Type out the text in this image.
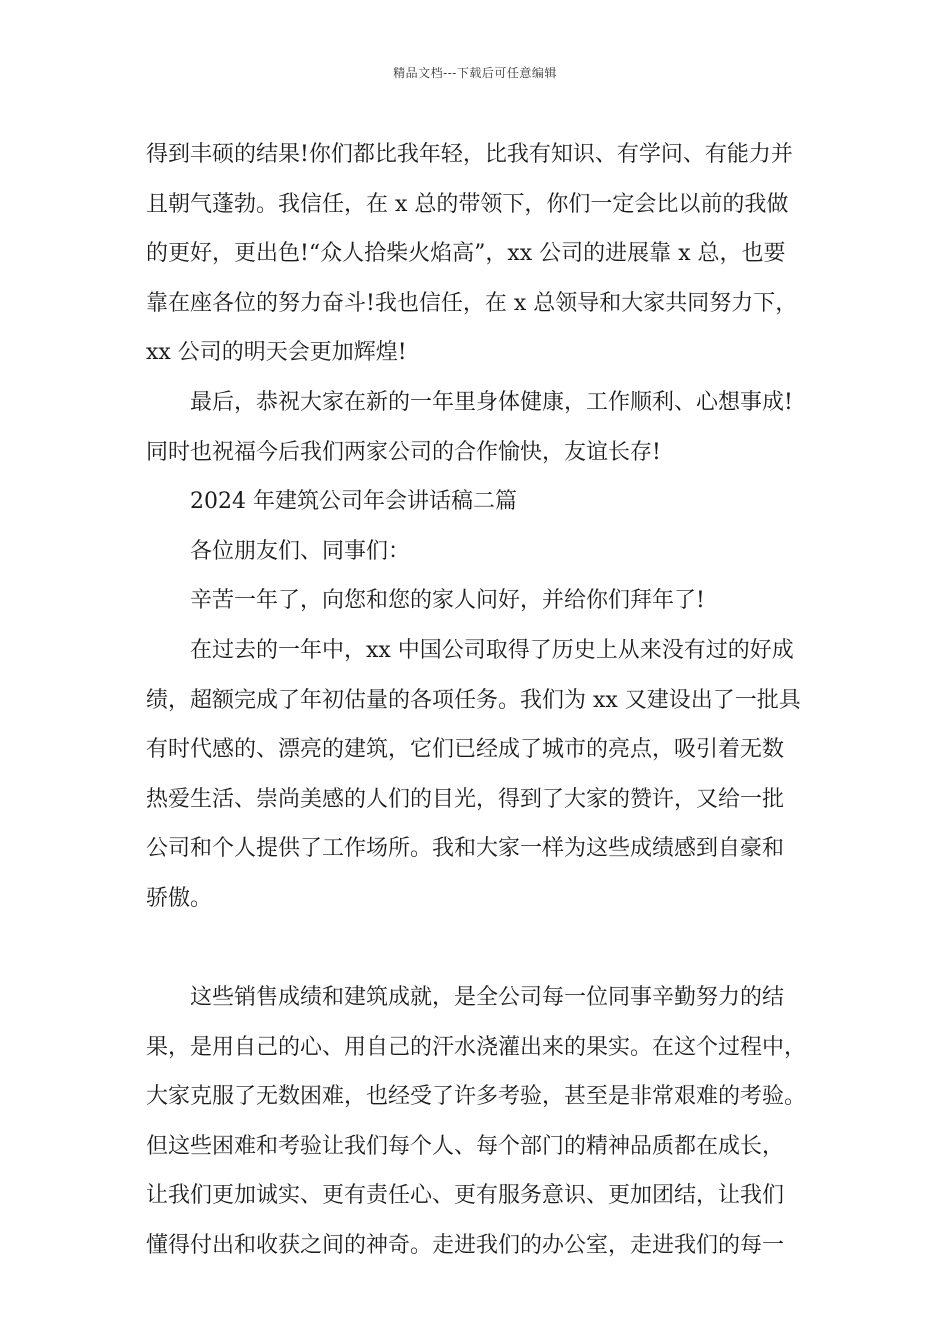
精品文档---下载后可任意编辑
得到丰硕的结果!你们都比我年轻，比我有知识、有学问、有能力并
且朝气蓬勃。我信任，在 x 总的带领下，你们一定会比以前的我做
的更好，更出色!“众人拾柴火焰高”，xx 公司的进展靠 x 总，也要
靠在座各位的努力奋斗!我也信任，在 x 总领导和大家共同努力下，
xx 公司的明天会更加辉煌!
最后，恭祝大家在新的一年里身体健康，工作顺利、心想事成!
同时也祝福今后我们两家公司的合作愉快，友谊长存!
2024 年建筑公司年会讲话稿二篇
各位朋友们、同事们：
辛苦一年了，向您和您的家人问好，并给你们拜年了!
在过去的一年中，xx 中国公司取得了历史上从来没有过的好成
绩，超额完成了年初估量的各项任务。我们为 xx 又建设出了一批具
有时代感的、漂亮的建筑，它们已经成了城市的亮点，吸引着无数
热爱生活、崇尚美感的人们的目光，得到了大家的赞许，又给一批
公司和个人提供了工作场所。我和大家一样为这些成绩感到自豪和
骄傲。
这些销售成绩和建筑成就，是全公司每一位同事辛勤努力的结
果，是用自己的心、用自己的汗水浇灌出来的果实。在这个过程中，
大家克服了无数困难，也经受了许多考验，甚至是非常艰难的考验。
但这些困难和考验让我们每个人、每个部门的精神品质都在成长，
让我们更加诚实、更有责任心、更有服务意识、更加团结，让我们
懂得付出和收获之间的神奇。走进我们的办公室，走进我们的每一
